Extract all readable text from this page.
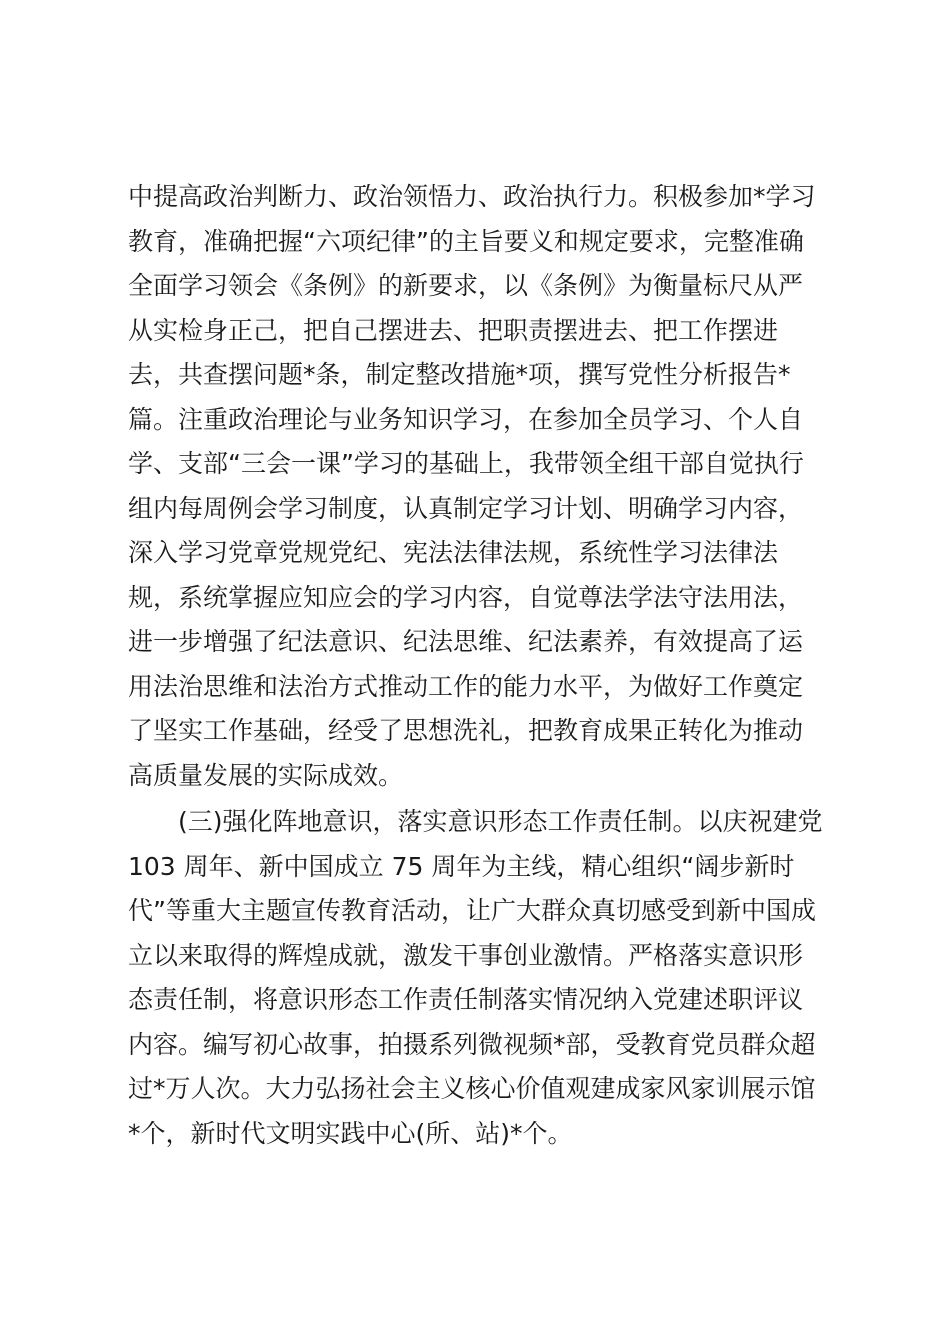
中提高政治判断力、政治领悟力、政治执行力。积极参加*学习
教育，准确把握“六项纪律”的主旨要义和规定要求，完整准确
全面学习领会《条例》的新要求，以《条例》为衡量标尺从严
从实检身正己，把自己摆进去、把职责摆进去、把工作摆进
去，共查摆问题*条，制定整改措施*项，撰写党性分析报告*
篇。注重政治理论与业务知识学习，在参加全员学习、个人自
学、支部“三会一课”学习的基础上，我带领全组干部自觉执行
组内每周例会学习制度，认真制定学习计划、明确学习内容，
深入学习党章党规党纪、宪法法律法规，系统性学习法律法
规，系统掌握应知应会的学习内容，自觉尊法学法守法用法，
进一步增强了纪法意识、纪法思维、纪法素养，有效提高了运
用法治思维和法治方式推动工作的能力水平，为做好工作奠定
了坚实工作基础，经受了思想洗礼，把教育成果正转化为推动
高质量发展的实际成效。
(三)强化阵地意识，落实意识形态工作责任制。以庆祝建党
103 周年、新中国成立 75 周年为主线，精心组织“阔步新时
代”等重大主题宣传教育活动，让广大群众真切感受到新中国成
立以来取得的辉煌成就，激发干事创业激情。严格落实意识形
态责任制，将意识形态工作责任制落实情况纳入党建述职评议
内容。编写初心故事，拍摄系列微视频*部，受教育党员群众超
过*万人次。大力弘扬社会主义核心价值观建成家风家训展示馆
*个，新时代文明实践中心(所、站)*个。
